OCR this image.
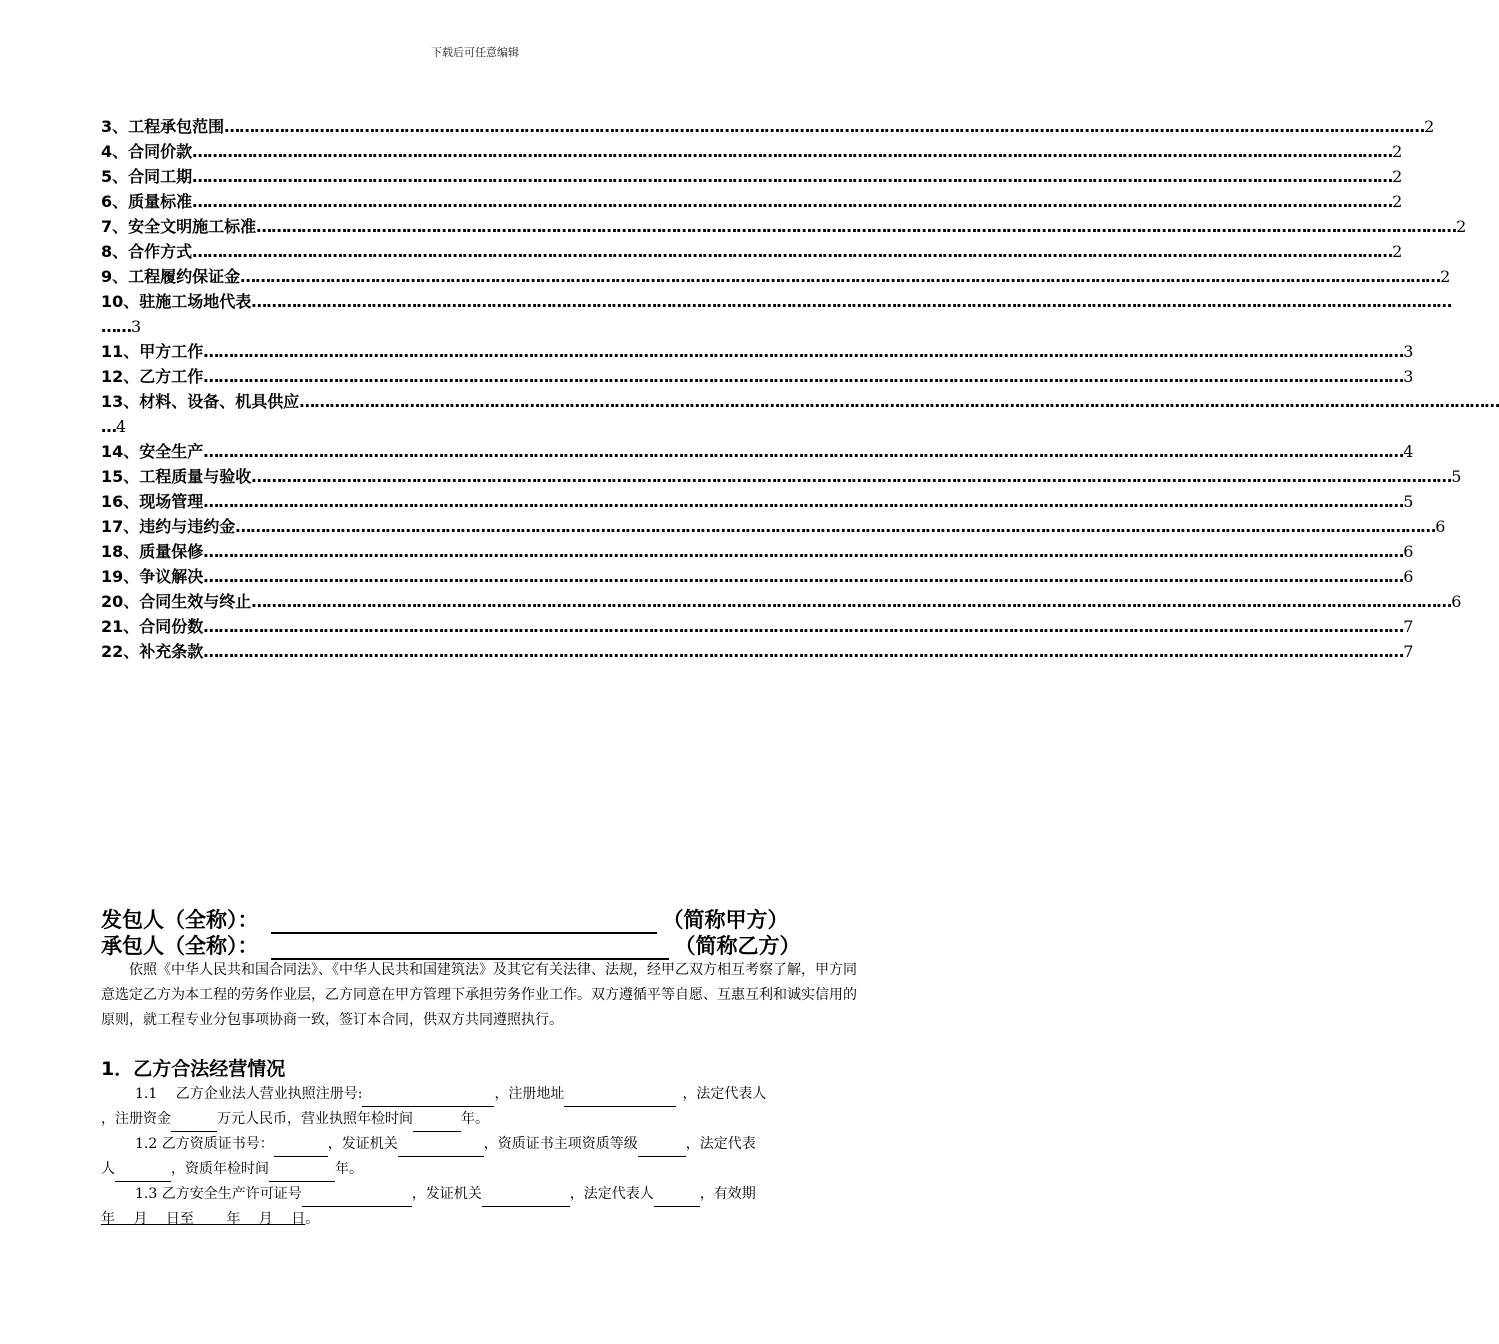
下载后可任意编辑
3、工程承包范围 …………………………………………………………………………………………………………………………………………………………………………………………………………………… 2
4、合同价款 …………………………………………………………………………………………………………………………………………………………………………………………………………………… 2
5、合同工期 …………………………………………………………………………………………………………………………………………………………………………………………………………………… 2
6、质量标准 …………………………………………………………………………………………………………………………………………………………………………………………………………………… 2
7、安全文明施工标准 …………………………………………………………………………………………………………………………………………………………………………………………………………………… 2
8、合作方式 …………………………………………………………………………………………………………………………………………………………………………………………………………………… 2
9、工程履约保证金 …………………………………………………………………………………………………………………………………………………………………………………………………………………… 2
10、驻施工场地代表……………………………………………………………………………………………………………………………………………………………………………………………………………………
……3
11、甲方工作 …………………………………………………………………………………………………………………………………………………………………………………………………………………… 3
12、乙方工作 …………………………………………………………………………………………………………………………………………………………………………………………………………………… 3
13、材料、设备、机具供应……………………………………………………………………………………………………………………………………………………………………………………………………………………
…4
14、安全生产 …………………………………………………………………………………………………………………………………………………………………………………………………………………… 4
15、工程质量与验收 …………………………………………………………………………………………………………………………………………………………………………………………………………………… 5
16、现场管理 …………………………………………………………………………………………………………………………………………………………………………………………………………………… 5
17、违约与违约金 …………………………………………………………………………………………………………………………………………………………………………………………………………………… 6
18、质量保修 …………………………………………………………………………………………………………………………………………………………………………………………………………………… 6
19、争议解决 …………………………………………………………………………………………………………………………………………………………………………………………………………………… 6
20、合同生效与终止 …………………………………………………………………………………………………………………………………………………………………………………………………………………… 6
21、合同份数 …………………………………………………………………………………………………………………………………………………………………………………………………………………… 7
22、补充条款 …………………………………………………………………………………………………………………………………………………………………………………………………………………… 7
发包人（全称）：	（简称甲方）
承包人（全称）：	（简称乙方）

依照《中华人民共和国合同法》、《中华人民共和国建筑法》及其它有关法律、法规，经甲乙双方相互考察了解，甲方同意选定乙方为本工程的劳务作业层，乙方同意在甲方管理下承担劳务作业工作。双方遵循平等自愿、互惠互利和诚实信用的原则，就工程专业分包事项协商一致，签订本合同，供双方共同遵照执行。

1．乙方合法经营情况
1.1　 乙方企业法人营业执照注册号:	，注册地址	，法定代表人
，注册资金	万元人民币，营业执照年检时间	年。
1.2 乙方资质证书号：	，发证机关	，资质证书主项资质等级	，法定代表
人	，资质年检时间	年。
1.3 乙方安全生产许可证号	，发证机关	，法定代表人	，有效期
年　 月　 日至　 　年　 月　 日。
